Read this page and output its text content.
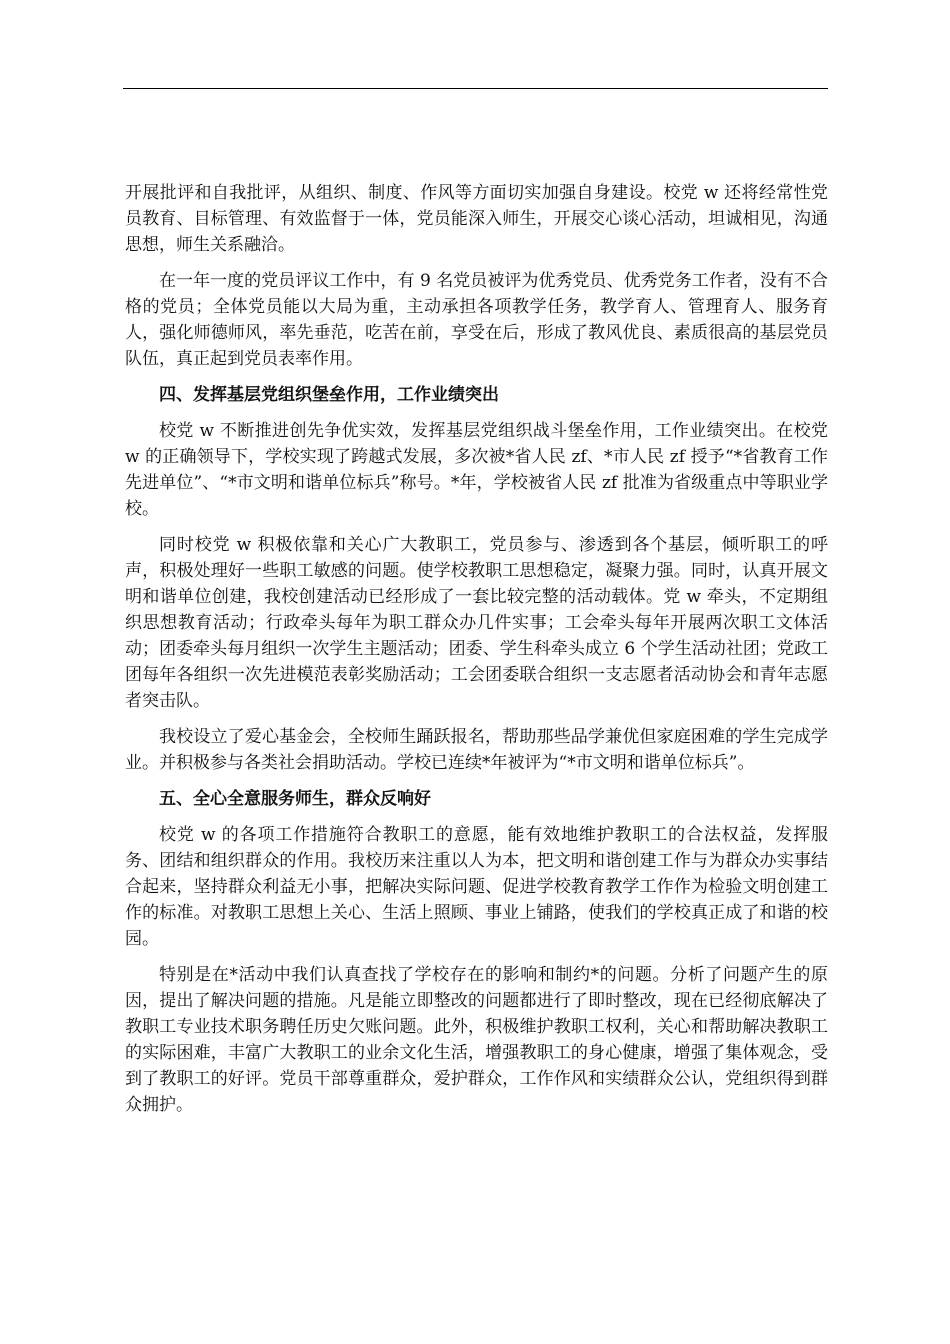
开展批评和自我批评，从组织、制度、作风等方面切实加强自身建设。校党 w 还将经常性党员教育、目标管理、有效监督于一体，党员能深入师生，开展交心谈心活动，坦诚相见，沟通思想，师生关系融洽。

在一年一度的党员评议工作中，有 9 名党员被评为优秀党员、优秀党务工作者，没有不合格的党员；全体党员能以大局为重，主动承担各项教学任务，教学育人、管理育人、服务育人，强化师德师风，率先垂范，吃苦在前，享受在后，形成了教风优良、素质很高的基层党员队伍，真正起到党员表率作用。

四、发挥基层党组织堡垒作用，工作业绩突出

校党 w 不断推进创先争优实效，发挥基层党组织战斗堡垒作用，工作业绩突出。在校党 w 的正确领导下，学校实现了跨越式发展，多次被*省人民 zf、*市人民 zf 授予“*省教育工作先进单位”、“*市文明和谐单位标兵”称号。*年，学校被省人民 zf 批准为省级重点中等职业学校。

同时校党 w 积极依靠和关心广大教职工，党员参与、渗透到各个基层，倾听职工的呼声，积极处理好一些职工敏感的问题。使学校教职工思想稳定，凝聚力强。同时，认真开展文明和谐单位创建，我校创建活动已经形成了一套比较完整的活动载体。党 w 牵头，不定期组织思想教育活动；行政牵头每年为职工群众办几件实事；工会牵头每年开展两次职工文体活动；团委牵头每月组织一次学生主题活动；团委、学生科牵头成立 6 个学生活动社团；党政工团每年各组织一次先进模范表彰奖励活动；工会团委联合组织一支志愿者活动协会和青年志愿者突击队。

我校设立了爱心基金会，全校师生踊跃报名，帮助那些品学兼优但家庭困难的学生完成学业。并积极参与各类社会捐助活动。学校已连续*年被评为“*市文明和谐单位标兵”。

五、全心全意服务师生，群众反响好

校党 w 的各项工作措施符合教职工的意愿，能有效地维护教职工的合法权益，发挥服务、团结和组织群众的作用。我校历来注重以人为本，把文明和谐创建工作与为群众办实事结合起来，坚持群众利益无小事，把解决实际问题、促进学校教育教学工作作为检验文明创建工作的标准。对教职工思想上关心、生活上照顾、事业上铺路，使我们的学校真正成了和谐的校园。

特别是在*活动中我们认真查找了学校存在的影响和制约*的问题。分析了问题产生的原因，提出了解决问题的措施。凡是能立即整改的问题都进行了即时整改，现在已经彻底解决了教职工专业技术职务聘任历史欠账问题。此外，积极维护教职工权利，关心和帮助解决教职工的实际困难，丰富广大教职工的业余文化生活，增强教职工的身心健康，增强了集体观念，受到了教职工的好评。党员干部尊重群众，爱护群众，工作作风和实绩群众公认，党组织得到群众拥护。
